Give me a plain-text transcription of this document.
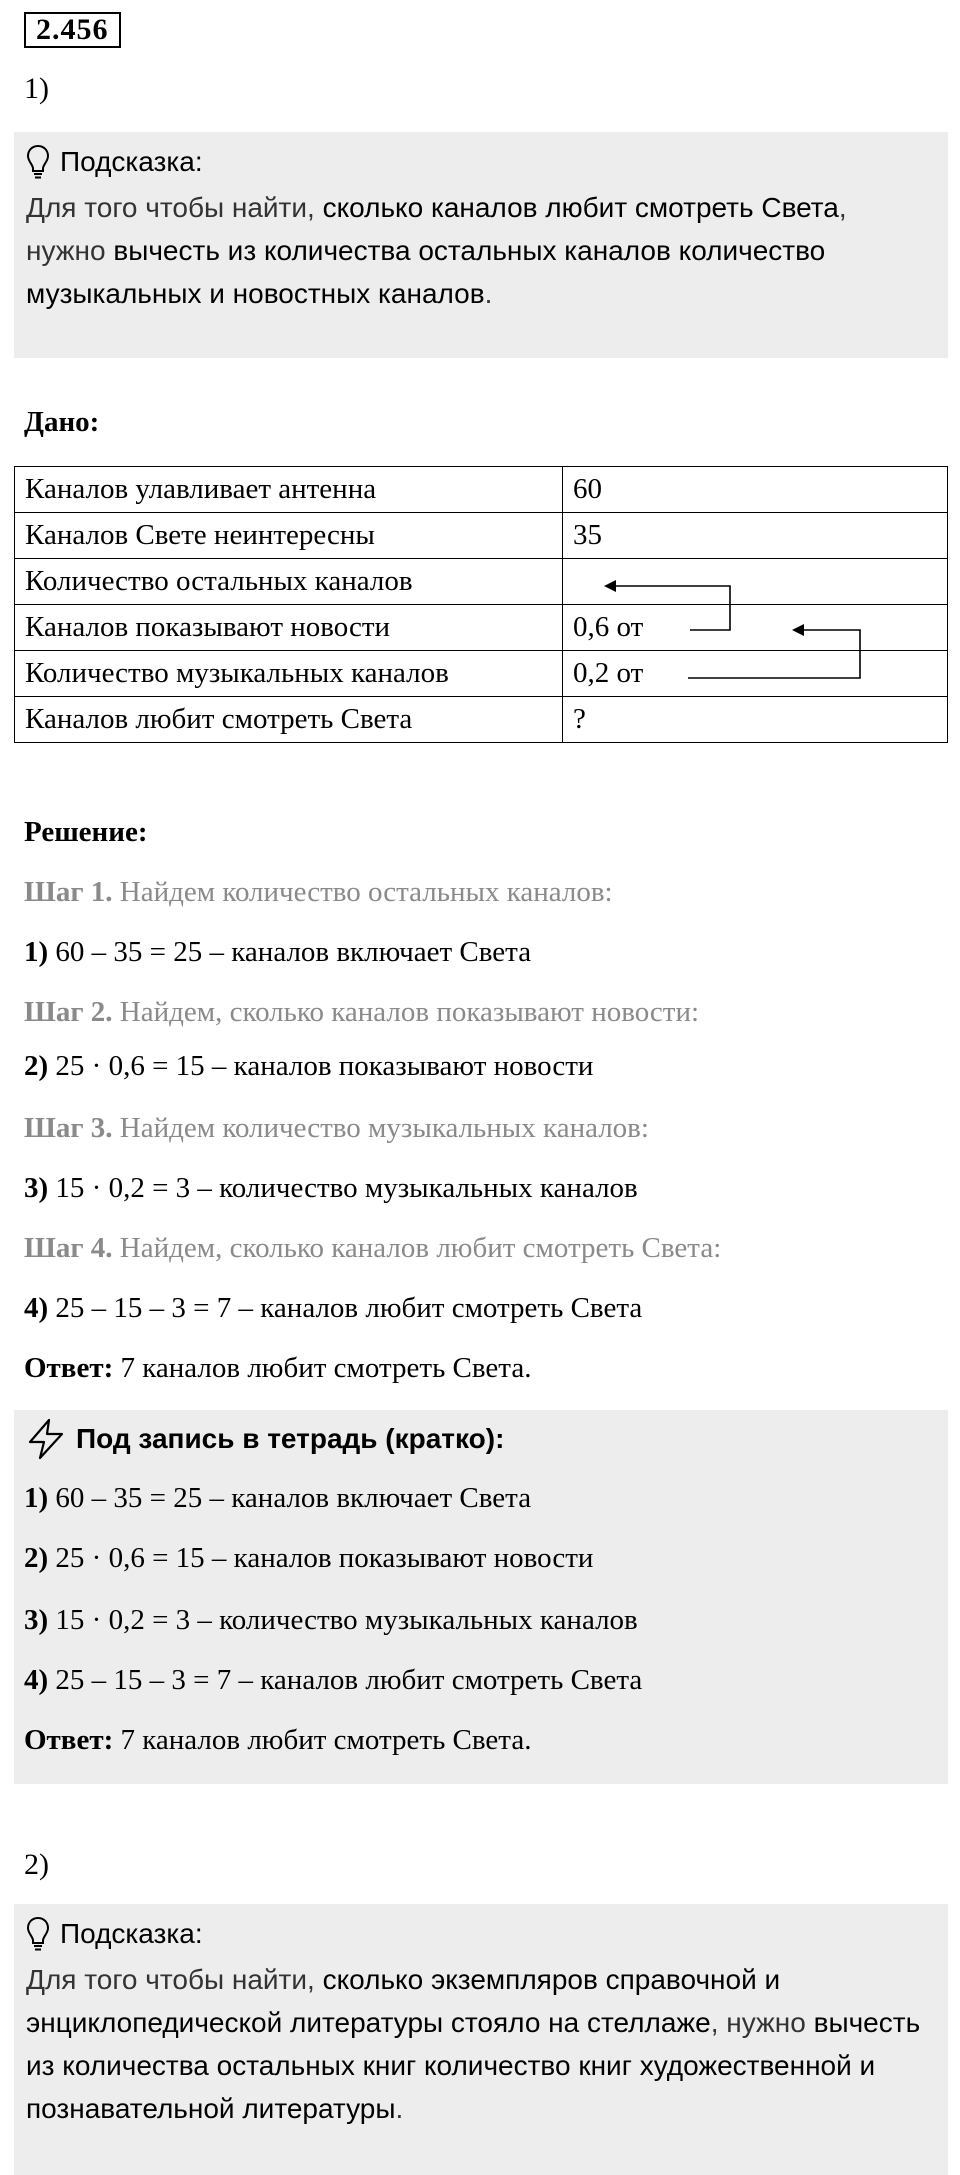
2.456
1)
Подсказка:
Для того чтобы найти, сколько каналов любит смотреть Света, нужно вычесть из количества остальных каналов количество музыкальных и новостных каналов.
Дано:
Каналов улавливает антенна	60
Каналов Свете неинтересны	35
Количество остальных каналов	
Каналов показывают новости	0,6 от
Количество музыкальных каналов	0,2 от
Каналов любит смотреть Света	?
Решение:
Шаг 1. Найдем количество остальных каналов:
1) 60 – 35 = 25 – каналов включает Света
Шаг 2. Найдем, сколько каналов показывают новости:
2) 25 · 0,6 = 15 – каналов показывают новости
Шаг 3. Найдем количество музыкальных каналов:
3) 15 · 0,2 = 3 – количество музыкальных каналов
Шаг 4. Найдем, сколько каналов любит смотреть Света:
4) 25 – 15 – 3 = 7 – каналов любит смотреть Света
Ответ: 7 каналов любит смотреть Света.
Под запись в тетрадь (кратко):
1) 60 – 35 = 25 – каналов включает Света
2) 25 · 0,6 = 15 – каналов показывают новости
3) 15 · 0,2 = 3 – количество музыкальных каналов
4) 25 – 15 – 3 = 7 – каналов любит смотреть Света
Ответ: 7 каналов любит смотреть Света.
2)
Подсказка:
Для того чтобы найти, сколько экземпляров справочной и энциклопедической литературы стояло на стеллаже, нужно вычесть из количества остальных книг количество книг художественной и познавательной литературы.
